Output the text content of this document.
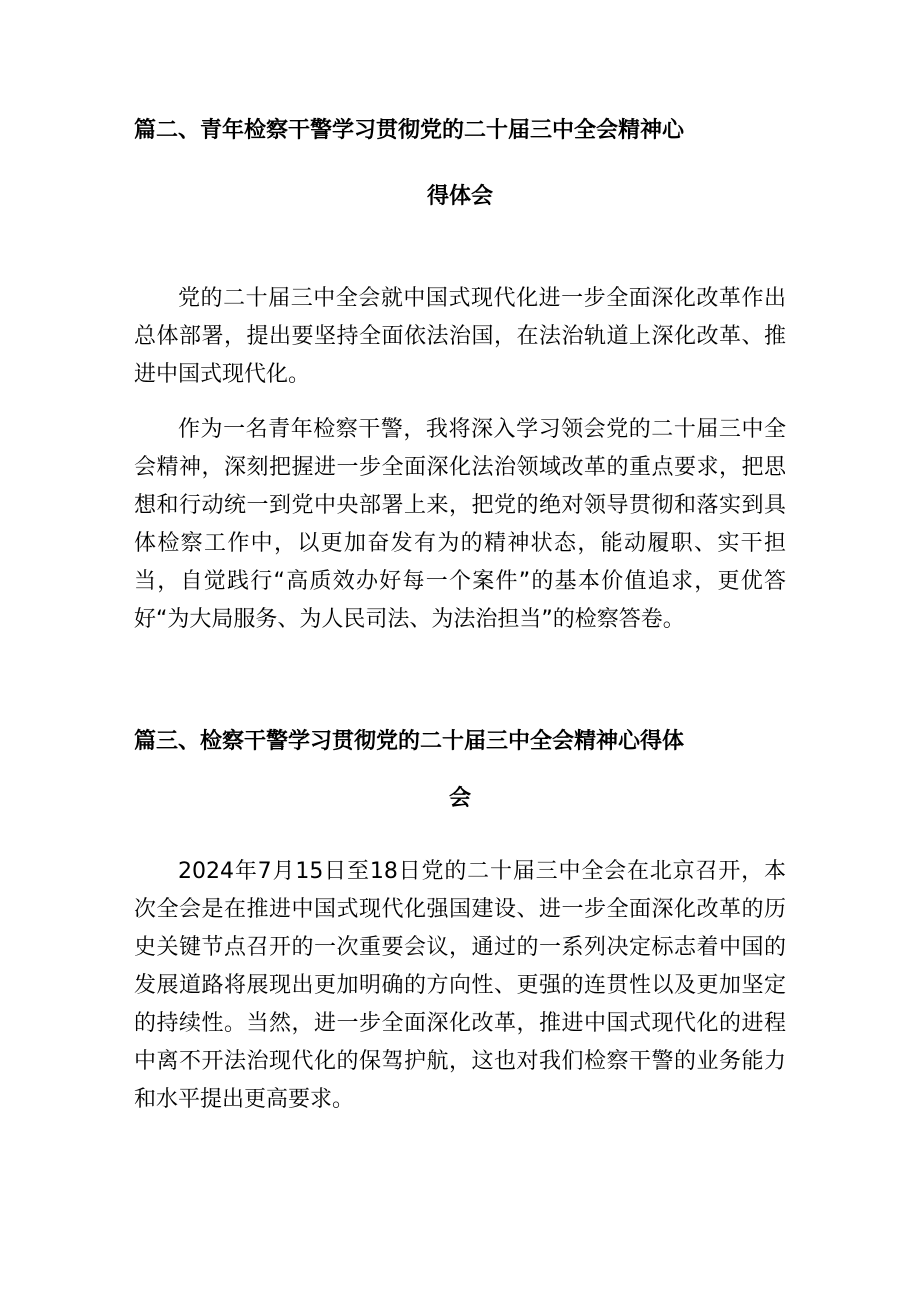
篇二、青年检察干警学习贯彻党的二十届三中全会精神心
得体会
党的二十届三中全会就中国式现代化进一步全面深化改革作出总体部署，提出要坚持全面依法治国，在法治轨道上深化改革、推进中国式现代化。
作为一名青年检察干警，我将深入学习领会党的二十届三中全会精神，深刻把握进一步全面深化法治领域改革的重点要求，把思想和行动统一到党中央部署上来，把党的绝对领导贯彻和落实到具体检察工作中，以更加奋发有为的精神状态，能动履职、实干担当，自觉践行“高质效办好每一个案件”的基本价值追求，更优答好“为大局服务、为人民司法、为法治担当”的检察答卷。
篇三、检察干警学习贯彻党的二十届三中全会精神心得体
会
2024年7月15日至18日党的二十届三中全会在北京召开，本次全会是在推进中国式现代化强国建设、进一步全面深化改革的历史关键节点召开的一次重要会议，通过的一系列决定标志着中国的发展道路将展现出更加明确的方向性、更强的连贯性以及更加坚定的持续性。当然，进一步全面深化改革，推进中国式现代化的进程中离不开法治现代化的保驾护航，这也对我们检察干警的业务能力和水平提出更高要求。
